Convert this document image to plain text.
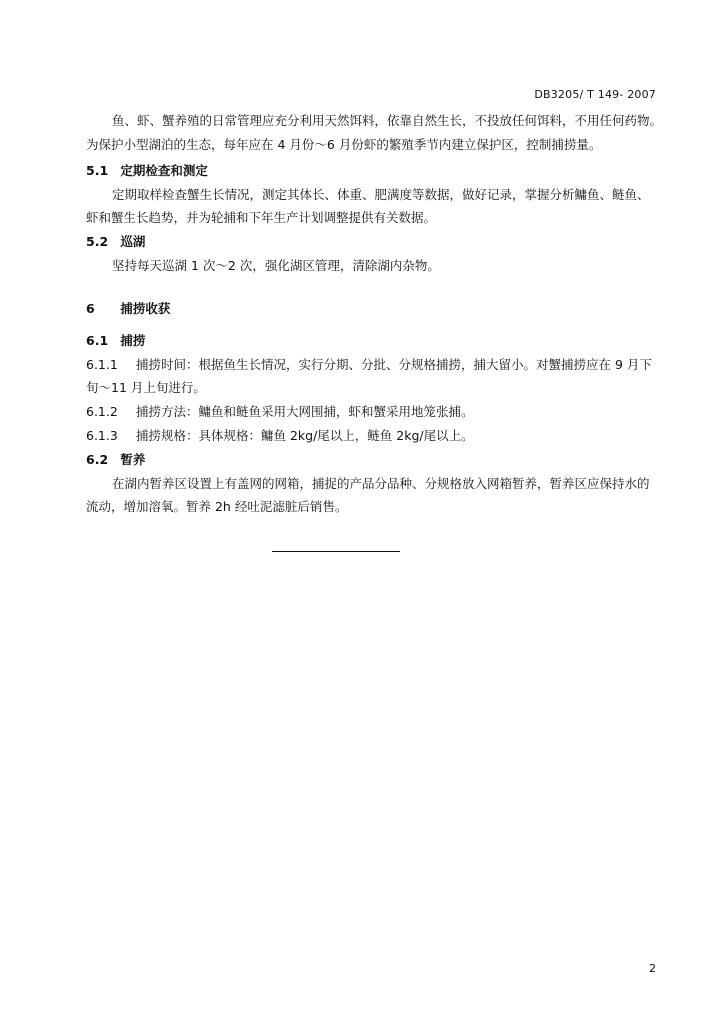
DB3205/ T 149- 2007
鱼、虾、蟹养殖的日常管理应充分利用天然饵料，依靠自然生长，不投放任何饵料，不用任何药物。
为保护小型湖泊的生态，每年应在 4 月份～6 月份虾的繁殖季节内建立保护区，控制捕捞量。
5.1 定期检查和测定
定期取样检查蟹生长情况，测定其体长、体重、肥满度等数据，做好记录，掌握分析鳙鱼、鲢鱼、
虾和蟹生长趋势，并为轮捕和下年生产计划调整提供有关数据。
5.2 巡湖
坚持每天巡湖 1 次～2 次，强化湖区管理，清除湖内杂物。
6 捕捞收获
6.1 捕捞
6.1.1 捕捞时间：根据鱼生长情况，实行分期、分批、分规格捕捞，捕大留小。对蟹捕捞应在 9 月下
旬～11 月上旬进行。
6.1.2 捕捞方法：鳙鱼和鲢鱼采用大网围捕，虾和蟹采用地笼张捕。
6.1.3 捕捞规格：具体规格：鳙鱼 2kg/尾以上，鲢鱼 2kg/尾以上。
6.2 暂养
在湖内暂养区设置上有盖网的网箱，捕捉的产品分品种、分规格放入网箱暂养，暂养区应保持水的
流动，增加溶氧。暂养 2h 经吐泥滤脏后销售。
2
